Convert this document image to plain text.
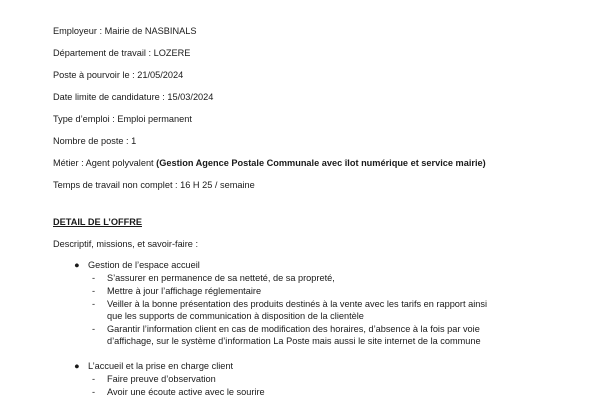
Employeur : Mairie de NASBINALS
Département de travail : LOZERE
Poste à pourvoir le : 21/05/2024
Date limite de candidature : 15/03/2024
Type d’emploi : Emploi permanent
Nombre de poste : 1
Métier : Agent polyvalent (Gestion Agence Postale Communale avec îlot numérique et service mairie)
Temps de travail non complet : 16 H 25 / semaine
DETAIL DE L’OFFRE
Descriptif, missions, et savoir-faire :
● Gestion de l’espace accueil
- S’assurer en permanence de sa netteté, de sa propreté,
- Mettre à jour l’affichage réglementaire
- Veiller à la bonne présentation des produits destinés à la vente avec les tarifs en rapport ainsi
que les supports de communication à disposition de la clientèle
- Garantir l’information client en cas de modification des horaires, d’absence à la fois par voie
d’affichage, sur le système d’information La Poste mais aussi le site internet de la commune
● L’accueil et la prise en charge client
- Faire preuve d’observation
- Avoir une écoute active avec le sourire
